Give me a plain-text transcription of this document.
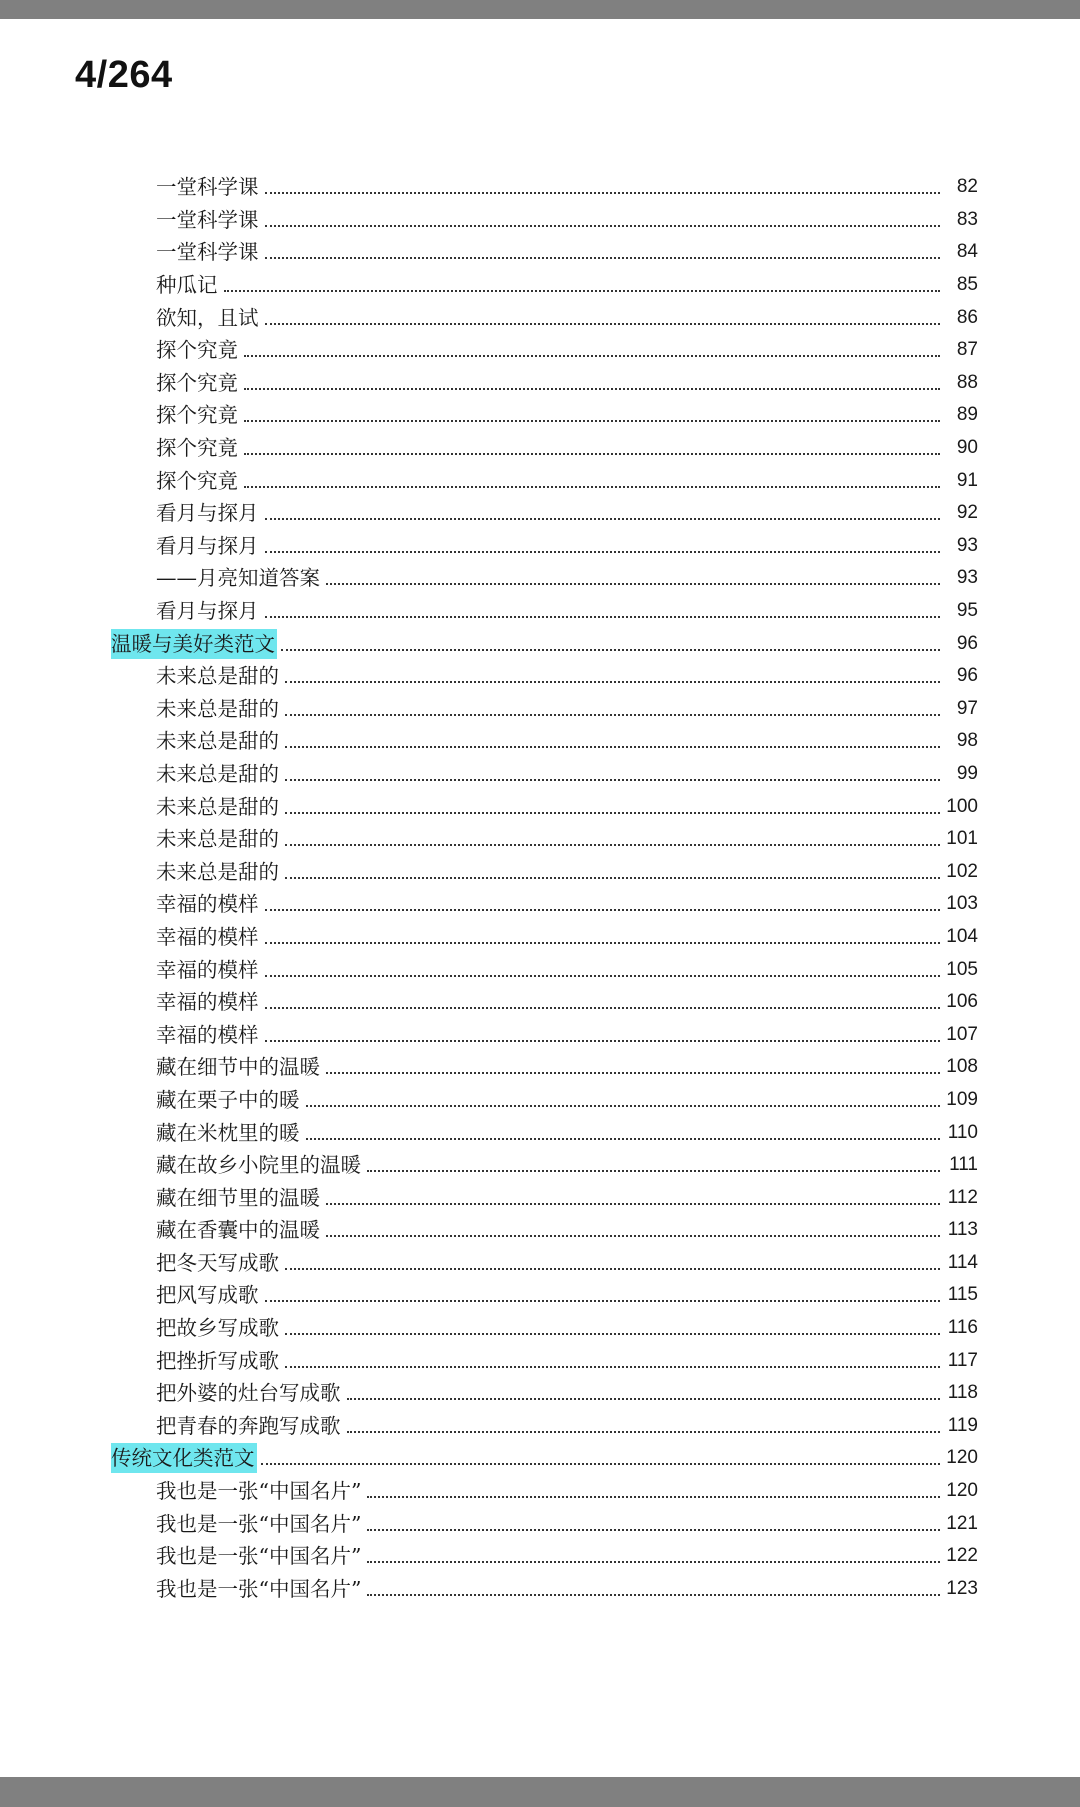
4/264
一堂科学课	82
一堂科学课	83
一堂科学课	84
种瓜记	85
欲知，且试	86
探个究竟	87
探个究竟	88
探个究竟	89
探个究竟	90
探个究竟	91
看月与探月	92
看月与探月	93
——月亮知道答案	93
看月与探月	95
温暖与美好类范文	96
未来总是甜的	96
未来总是甜的	97
未来总是甜的	98
未来总是甜的	99
未来总是甜的	100
未来总是甜的	101
未来总是甜的	102
幸福的模样	103
幸福的模样	104
幸福的模样	105
幸福的模样	106
幸福的模样	107
藏在细节中的温暖	108
藏在栗子中的暖	109
藏在米枕里的暖	110
藏在故乡小院里的温暖	111
藏在细节里的温暖	112
藏在香囊中的温暖	113
把冬天写成歌	114
把风写成歌	115
把故乡写成歌	116
把挫折写成歌	117
把外婆的灶台写成歌	118
把青春的奔跑写成歌	119
传统文化类范文	120
我也是一张“中国名片”	120
我也是一张“中国名片”	121
我也是一张“中国名片”	122
我也是一张“中国名片”	123
